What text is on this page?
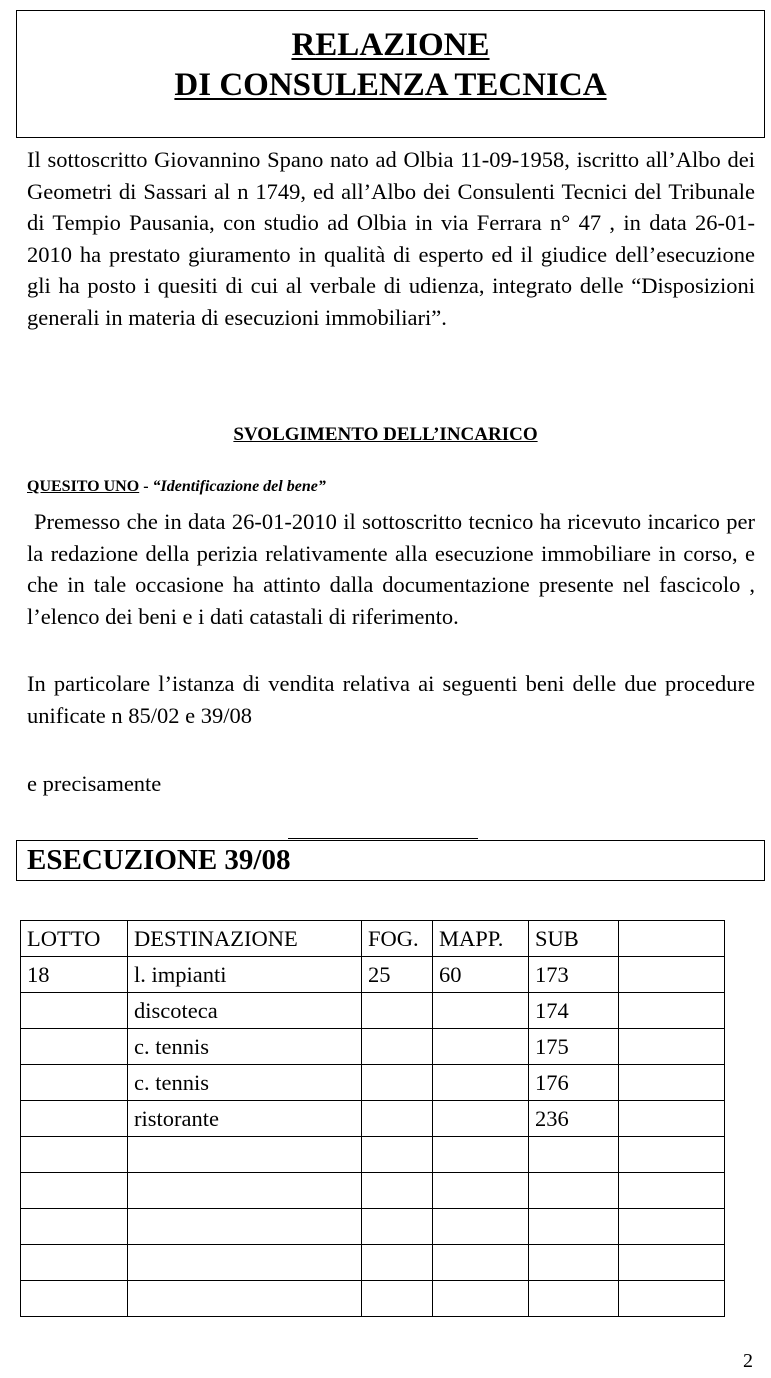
RELAZIONE
DI CONSULENZA TECNICA

Il sottoscritto Giovannino Spano nato ad Olbia 11-09-1958, iscritto all’Albo dei Geometri di Sassari al n 1749, ed all’Albo dei Consulenti Tecnici del Tribunale di Tempio Pausania, con studio ad Olbia in via Ferrara n° 47 , in data 26-01-2010 ha prestato giuramento in qualità di esperto ed il giudice dell’esecuzione gli ha posto i quesiti di cui al verbale di udienza, integrato delle “Disposizioni generali in materia di esecuzioni immobiliari”.

SVOLGIMENTO DELL’INCARICO
QUESITO UNO - “Identificazione del bene”

Premesso che in data 26-01-2010 il sottoscritto tecnico ha ricevuto incarico per la redazione della perizia relativamente alla esecuzione immobiliare in corso, e che in tale occasione ha attinto dalla documentazione presente nel fascicolo , l’elenco dei beni e i dati catastali di riferimento.

In particolare l’istanza di vendita relativa ai seguenti beni delle due procedure unificate n 85/02 e 39/08

e precisamente

ESECUZIONE 39/08
LOTTO	DESTINAZIONE	FOG.	MAPP.	SUB	
18	l. impianti	25	60	173	
	discoteca			174	
	c. tennis			175	
	c. tennis			176	
	ristorante			236	

2
